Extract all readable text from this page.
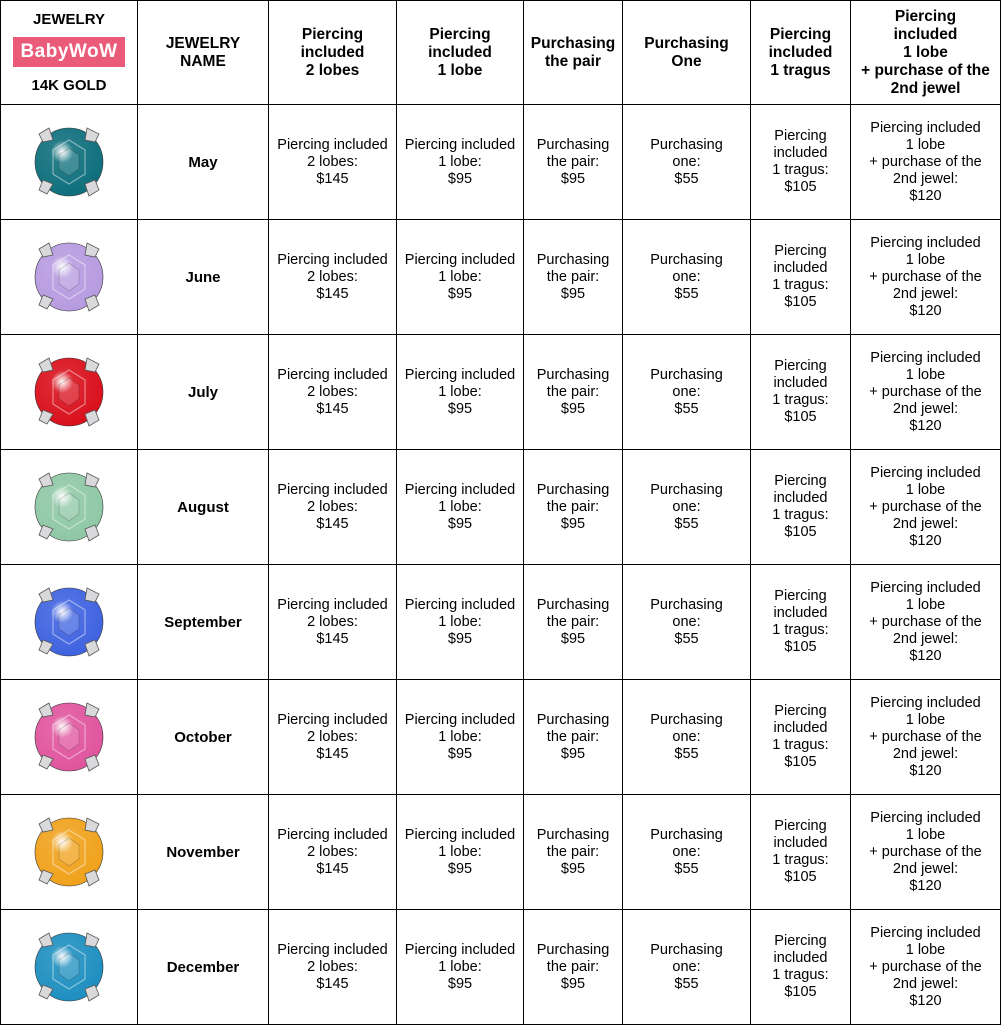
JEWELRY
BabyWoW
14K GOLD	JEWELRY
NAME	Piercing
included
2 lobes	Piercing
included
1 lobe	Purchasing
the pair	Purchasing
One	Piercing
included
1 tragus	Piercing
included
1 lobe
+ purchase of the
2nd jewel

	May	Piercing included
2 lobes:
$145	Piercing included
1 lobe:
$95	Purchasing
the pair:
$95	Purchasing
one:
$55	Piercing included
1 tragus:
$105	Piercing included
1 lobe
+ purchase of the
2nd jewel:
$120

	June	Piercing included
2 lobes:
$145	Piercing included
1 lobe:
$95	Purchasing
the pair:
$95	Purchasing
one:
$55	Piercing included
1 tragus:
$105	Piercing included
1 lobe
+ purchase of the
2nd jewel:
$120

	July	Piercing included
2 lobes:
$145	Piercing included
1 lobe:
$95	Purchasing
the pair:
$95	Purchasing
one:
$55	Piercing included
1 tragus:
$105	Piercing included
1 lobe
+ purchase of the
2nd jewel:
$120

	August	Piercing included
2 lobes:
$145	Piercing included
1 lobe:
$95	Purchasing
the pair:
$95	Purchasing
one:
$55	Piercing included
1 tragus:
$105	Piercing included
1 lobe
+ purchase of the
2nd jewel:
$120

	September	Piercing included
2 lobes:
$145	Piercing included
1 lobe:
$95	Purchasing
the pair:
$95	Purchasing
one:
$55	Piercing included
1 tragus:
$105	Piercing included
1 lobe
+ purchase of the
2nd jewel:
$120

	October	Piercing included
2 lobes:
$145	Piercing included
1 lobe:
$95	Purchasing
the pair:
$95	Purchasing
one:
$55	Piercing included
1 tragus:
$105	Piercing included
1 lobe
+ purchase of the
2nd jewel:
$120

	November	Piercing included
2 lobes:
$145	Piercing included
1 lobe:
$95	Purchasing
the pair:
$95	Purchasing
one:
$55	Piercing included
1 tragus:
$105	Piercing included
1 lobe
+ purchase of the
2nd jewel:
$120

	December	Piercing included
2 lobes:
$145	Piercing included
1 lobe:
$95	Purchasing
the pair:
$95	Purchasing
one:
$55	Piercing included
1 tragus:
$105	Piercing included
1 lobe
+ purchase of the
2nd jewel:
$120
